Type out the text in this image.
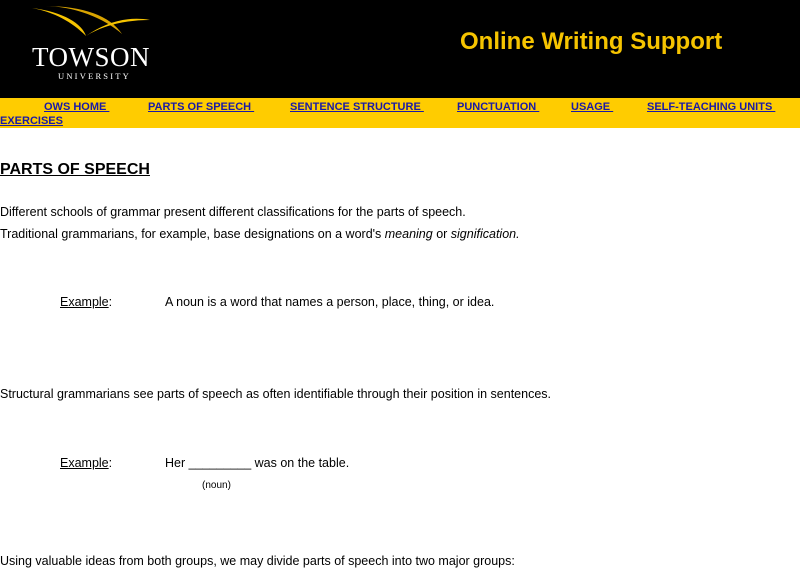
TOWSON
UNIVERSITY
Online Writing Support
OWS HOME	PARTS OF SPEECH	SENTENCE STRUCTURE	PUNCTUATION	USAGE	SELF-TEACHING UNITS
EXERCISES
PARTS OF SPEECH
Different schools of grammar present different classifications for the parts of speech.
Traditional grammarians, for example, base designations on a word's meaning or signification.
Example:	A noun is a word that names a person, place, thing, or idea.
Structural grammarians see parts of speech as often identifiable through their position in sentences.
Example:	Her _________ was on the table.
(noun)
Using valuable ideas from both groups, we may divide parts of speech into two major groups:
